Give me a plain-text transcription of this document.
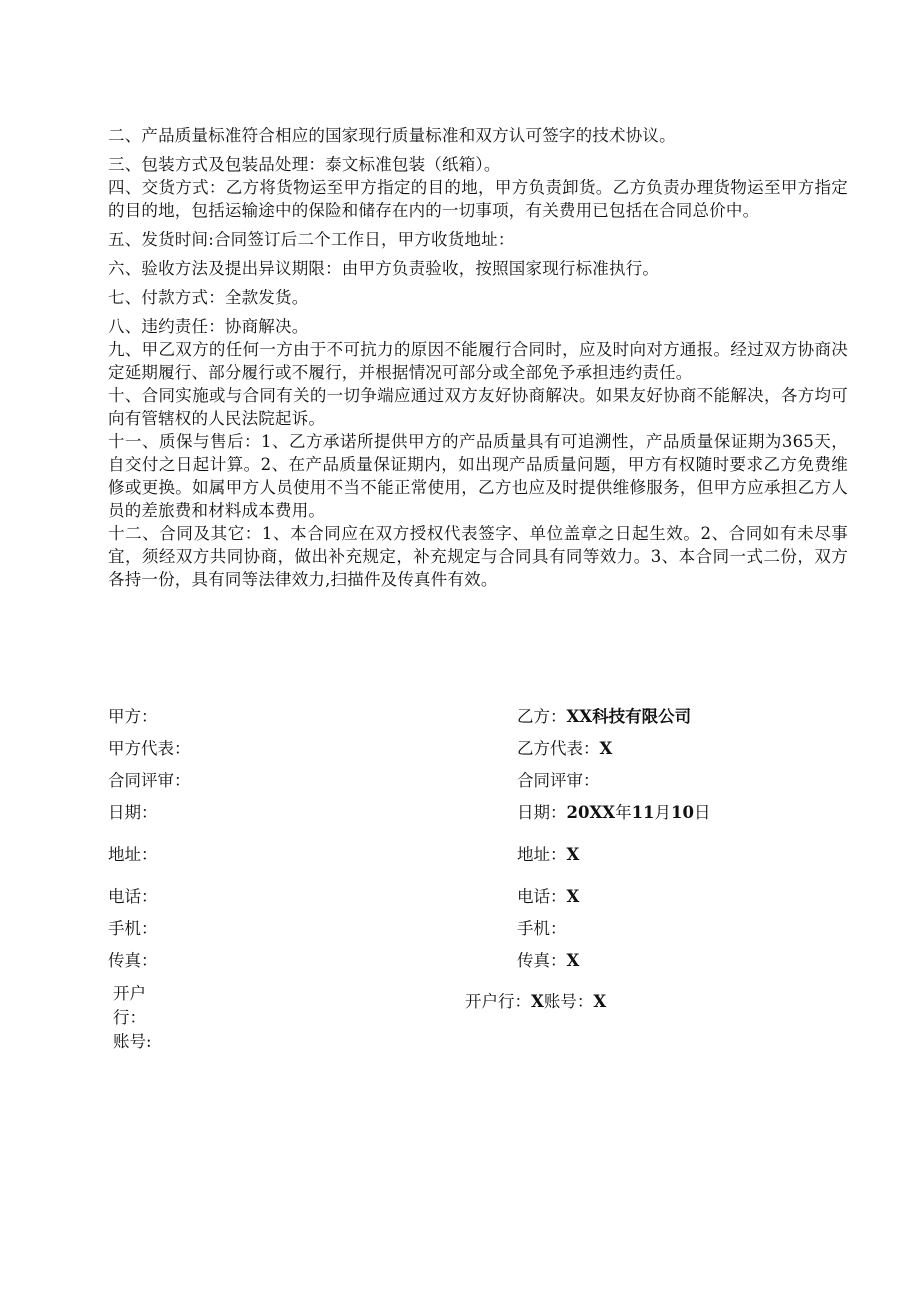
二、产品质量标准符合相应的国家现行质量标准和双方认可签字的技术协议。

三、包装方式及包装品处理：泰文标准包装（纸箱）。

四、交货方式：乙方将货物运至甲方指定的目的地，甲方负责卸货。乙方负责办理货物运至甲方指定的目的地，包括运输途中的保险和储存在内的一切事项，有关费用已包括在合同总价中。

五、发货时间:合同签订后二个工作日，甲方收货地址：

六、验收方法及提出异议期限：由甲方负责验收，按照国家现行标准执行。

七、付款方式：全款发货。

八、违约责任：协商解决。

九、甲乙双方的任何一方由于不可抗力的原因不能履行合同时，应及时向对方通报。经过双方协商决定延期履行、部分履行或不履行，并根据情况可部分或全部免予承担违约责任。

十、合同实施或与合同有关的一切争端应通过双方友好协商解决。如果友好协商不能解决，各方均可向有管辖权的人民法院起诉。

十一、质保与售后：1、乙方承诺所提供甲方的产品质量具有可追溯性，产品质量保证期为365天，自交付之日起计算。2、在产品质量保证期内，如出现产品质量问题，甲方有权随时要求乙方免费维修或更换。如属甲方人员使用不当不能正常使用，乙方也应及时提供维修服务，但甲方应承担乙方人员的差旅费和材料成本费用。

十二、合同及其它：1、本合同应在双方授权代表签字、单位盖章之日起生效。2、合同如有未尽事宜，须经双方共同协商，做出补充规定，补充规定与合同具有同等效力。3、本合同一式二份，双方各持一份，具有同等法律效力,扫描件及传真件有效。

甲方：
甲方代表：
合同评审：
日期：
地址：
电话：
手机：
传真：
开户
行：
账号:
乙方：XX科技有限公司
乙方代表：X
合同评审：
日期：20XX年11月10日
地址：X
电话：X
手机：
传真：X
开户行：X账号：X
